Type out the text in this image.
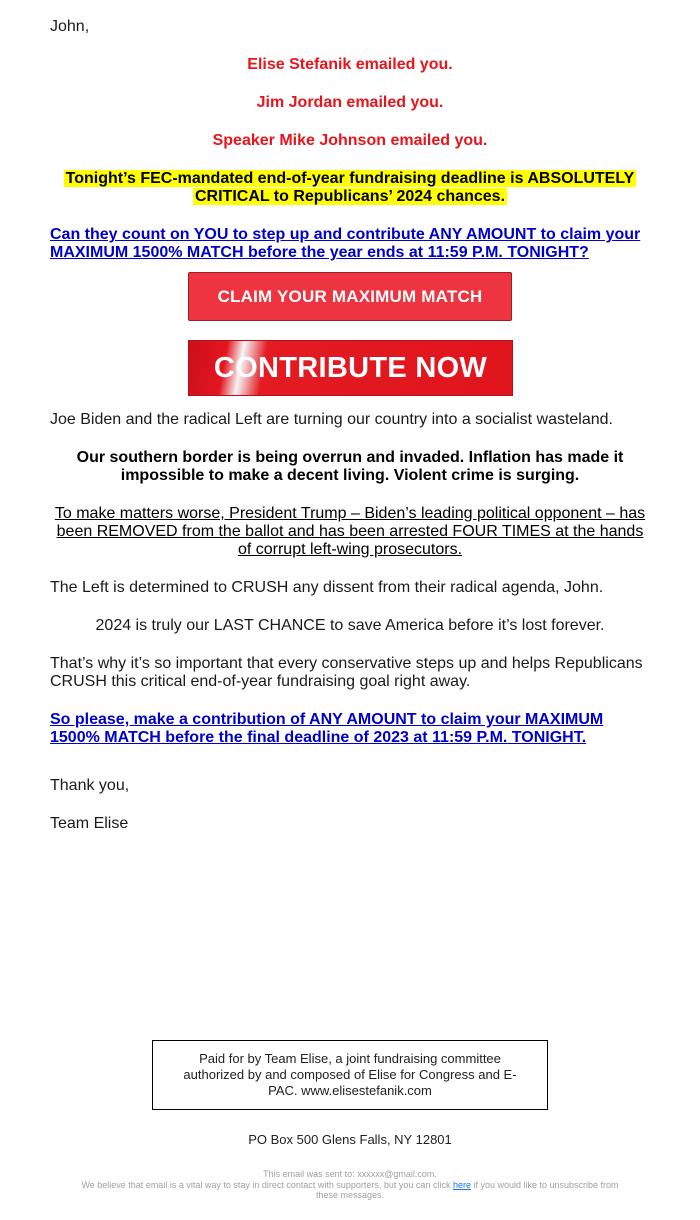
John,

Elise Stefanik emailed you.

Jim Jordan emailed you.

Speaker Mike Johnson emailed you.

Tonight’s FEC-mandated end-of-year fundraising deadline is ABSOLUTELY
CRITICAL to Republicans’ 2024 chances.

Can they count on YOU to step up and contribute ANY AMOUNT to claim your
MAXIMUM 1500% MATCH before the year ends at 11:59 P.M. TONIGHT?

CLAIM YOUR MAXIMUM MATCH
CONTRIBUTE NOW

Joe Biden and the radical Left are turning our country into a socialist wasteland.

Our southern border is being overrun and invaded. Inflation has made it
impossible to make a decent living. Violent crime is surging.

To make matters worse, President Trump – Biden’s leading political opponent – has
been REMOVED from the ballot and has been arrested FOUR TIMES at the hands
of corrupt left-wing prosecutors.

The Left is determined to CRUSH any dissent from their radical agenda, John.

2024 is truly our LAST CHANCE to save America before it’s lost forever.

That’s why it’s so important that every conservative steps up and helps Republicans
CRUSH this critical end-of-year fundraising goal right away.

So please, make a contribution of ANY AMOUNT to claim your MAXIMUM
1500% MATCH before the final deadline of 2023 at 11:59 P.M. TONIGHT.

Thank you,

Team Elise

Paid for by Team Elise, a joint fundraising committee
authorized by and composed of Elise for Congress and E-
PAC. www.elisestefanik.com
PO Box 500 Glens Falls, NY 12801
This email was sent to: xxxxxx@gmail.com.
We believe that email is a vital way to stay in direct contact with supporters, but you can click here if you would like to unsubscribe from
these messages.
